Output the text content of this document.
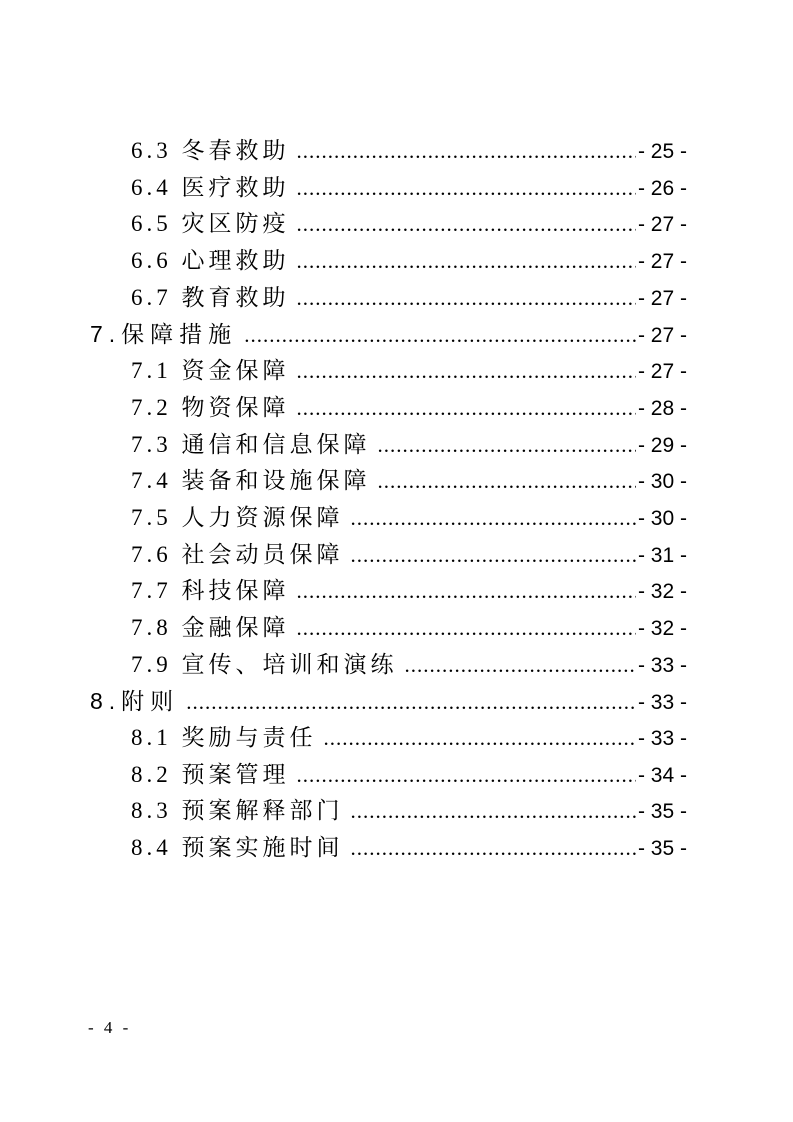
6.3 冬春救助 .....	- 25 -
6.4 医疗救助 .....	- 26 -
6.5 灾区防疫 .....	- 27 -
6.6 心理救助 .....	- 27 -
6.7 教育救助 .....	- 27 -
7.保障措施 .....	- 27 -
7.1 资金保障 .....	- 27 -
7.2 物资保障 .....	- 28 -
7.3 通信和信息保障 .....	- 29 -
7.4 装备和设施保障 .....	- 30 -
7.5 人力资源保障 .....	- 30 -
7.6 社会动员保障 .....	- 31 -
7.7 科技保障 .....	- 32 -
7.8 金融保障 .....	- 32 -
7.9 宣传、培训和演练 .....	- 33 -
8.附则 .....	- 33 -
8.1 奖励与责任 .....	- 33 -
8.2 预案管理 .....	- 34 -
8.3 预案解释部门 .....	- 35 -
8.4 预案实施时间 .....	- 35 -
- 4 -
